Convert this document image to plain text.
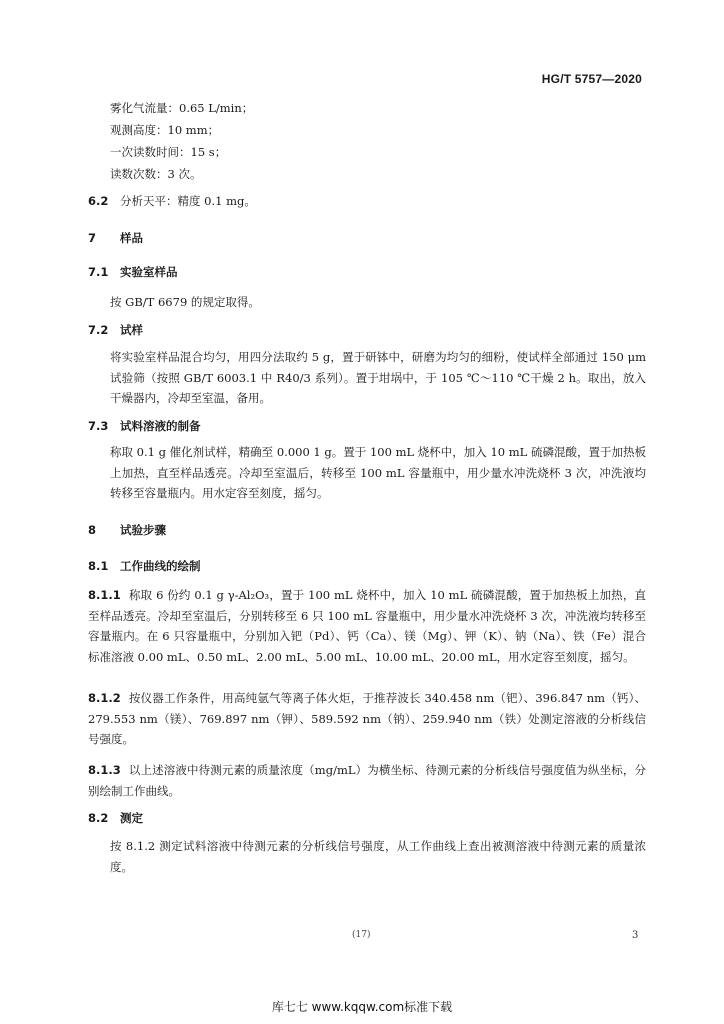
HG/T 5757—2020
雾化气流量：0.65 L/min；
观测高度：10 mm；
一次读数时间：15 s；
读数次数：3 次。
6.2 分析天平：精度 0.1 mg。
7 样品
7.1 实验室样品
按 GB/T 6679 的规定取得。
7.2 试样
将实验室样品混合均匀，用四分法取约 5 g，置于研钵中，研磨为均匀的细粉，使试样全部通过 150 μm 试验筛（按照 GB/T 6003.1 中 R40/3 系列）。置于坩埚中，于 105 ℃～110 ℃干燥 2 h。取出，放入干燥器内，冷却至室温，备用。
7.3 试料溶液的制备
称取 0.1 g 催化剂试样，精确至 0.000 1 g。置于 100 mL 烧杯中，加入 10 mL 硫磷混酸，置于加热板上加热，直至样品透亮。冷却至室温后，转移至 100 mL 容量瓶中，用少量水冲洗烧杯 3 次，冲洗液均转移至容量瓶内。用水定容至刻度，摇匀。
8 试验步骤
8.1 工作曲线的绘制
8.1.1 称取 6 份约 0.1 g γ-Al₂O₃，置于 100 mL 烧杯中，加入 10 mL 硫磷混酸，置于加热板上加热，直至样品透亮。冷却至室温后，分别转移至 6 只 100 mL 容量瓶中，用少量水冲洗烧杯 3 次，冲洗液均转移至容量瓶内。在 6 只容量瓶中，分别加入钯（Pd）、钙（Ca）、镁（Mg）、钾（K）、钠（Na）、铁（Fe）混合标准溶液 0.00 mL、0.50 mL、2.00 mL、5.00 mL、10.00 mL、20.00 mL，用水定容至刻度，摇匀。
8.1.2 按仪器工作条件，用高纯氩气等离子体火炬，于推荐波长 340.458 nm（钯）、396.847 nm（钙）、279.553 nm（镁）、769.897 nm（钾）、589.592 nm（钠）、259.940 nm（铁）处测定溶液的分析线信号强度。
8.1.3 以上述溶液中待测元素的质量浓度（mg/mL）为横坐标、待测元素的分析线信号强度值为纵坐标，分别绘制工作曲线。
8.2 测定
按 8.1.2 测定试料溶液中待测元素的分析线信号强度，从工作曲线上查出被测溶液中待测元素的质量浓度。
(17)	3
库七七 www.kqqw.com标准下载
